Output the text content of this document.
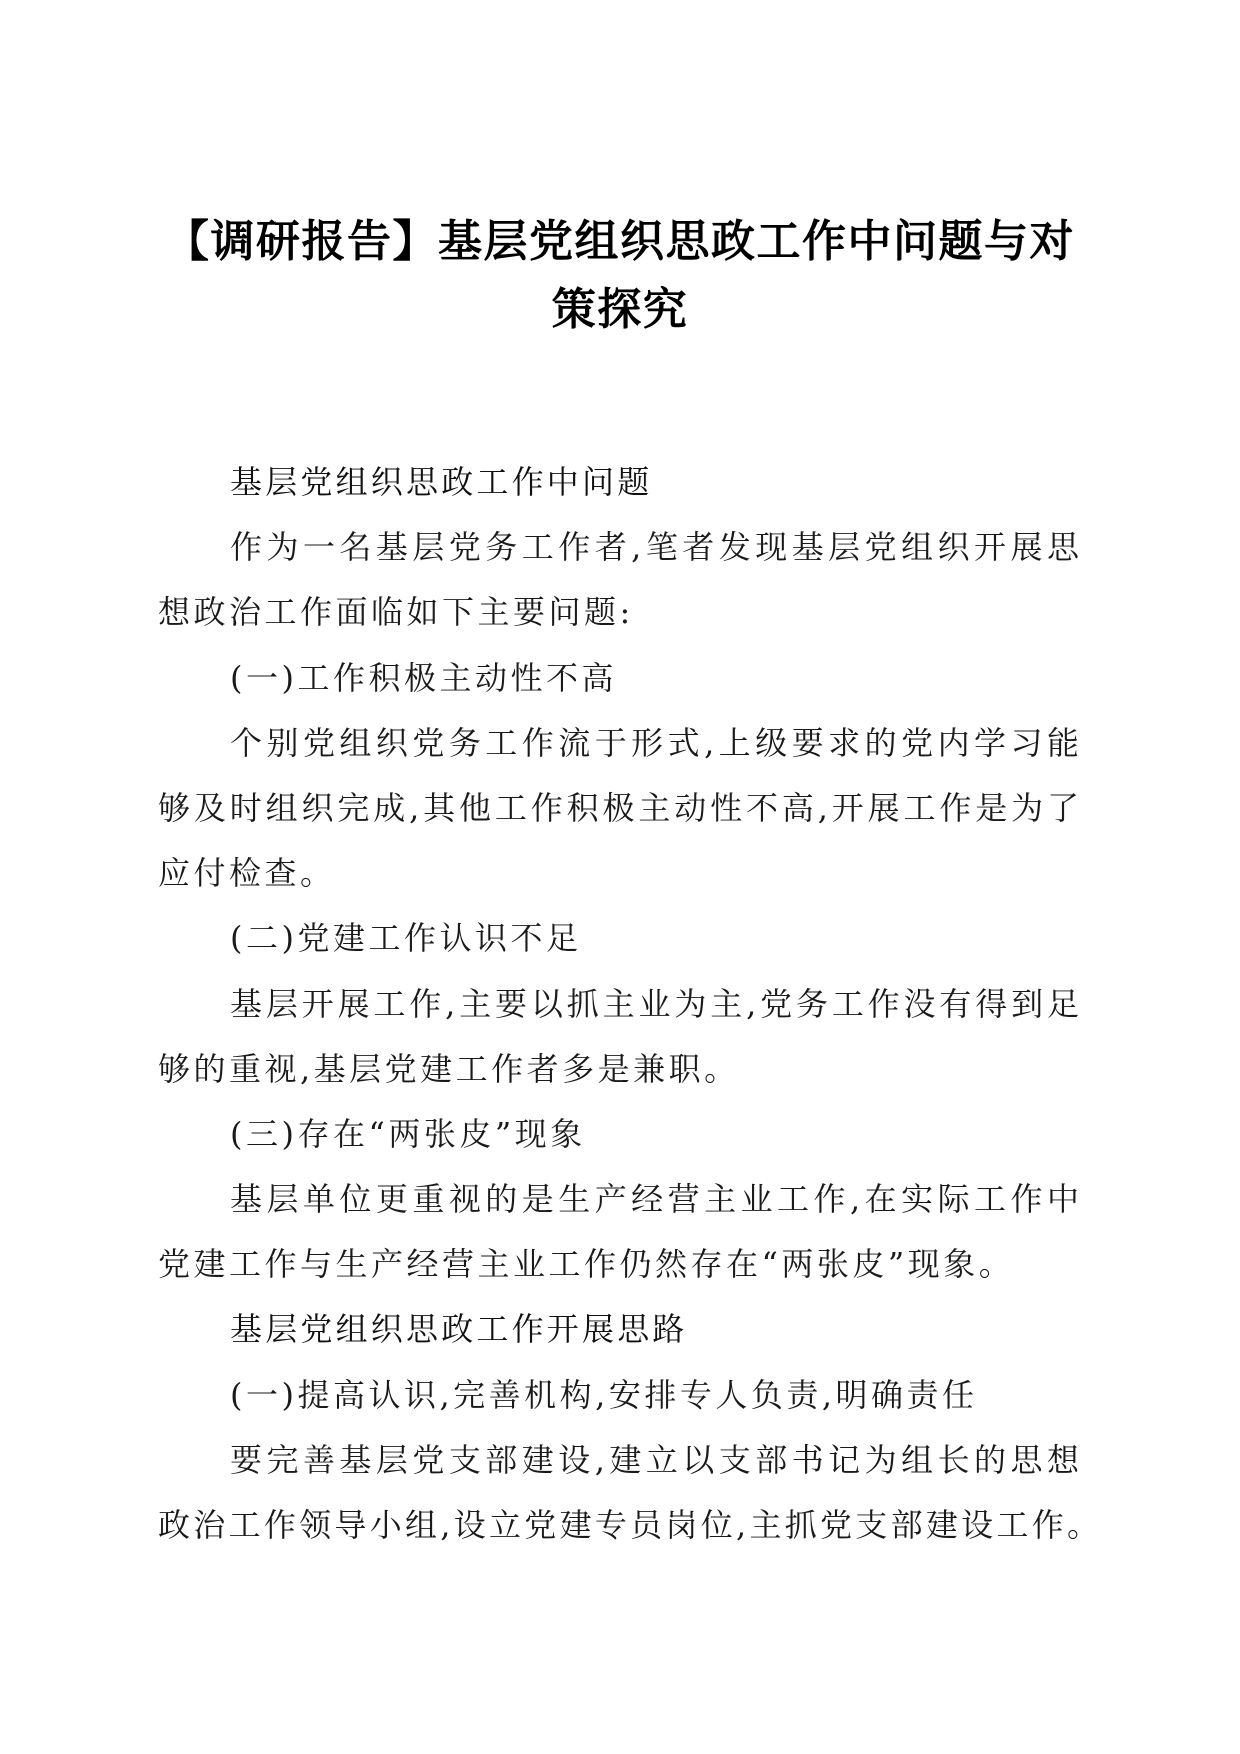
【调研报告】基层党组织思政工作中问题与对
策探究
基层党组织思政工作中问题
作为一名基层党务工作者,笔者发现基层党组织开展思
想政治工作面临如下主要问题:
(一)工作积极主动性不高
个别党组织党务工作流于形式,上级要求的党内学习能
够及时组织完成,其他工作积极主动性不高,开展工作是为了
应付检查。
(二)党建工作认识不足
基层开展工作,主要以抓主业为主,党务工作没有得到足
够的重视,基层党建工作者多是兼职。
(三)存在“两张皮”现象
基层单位更重视的是生产经营主业工作,在实际工作中
党建工作与生产经营主业工作仍然存在“两张皮”现象。
基层党组织思政工作开展思路
(一)提高认识,完善机构,安排专人负责,明确责任
要完善基层党支部建设,建立以支部书记为组长的思想
政治工作领导小组,设立党建专员岗位,主抓党支部建设工作。
